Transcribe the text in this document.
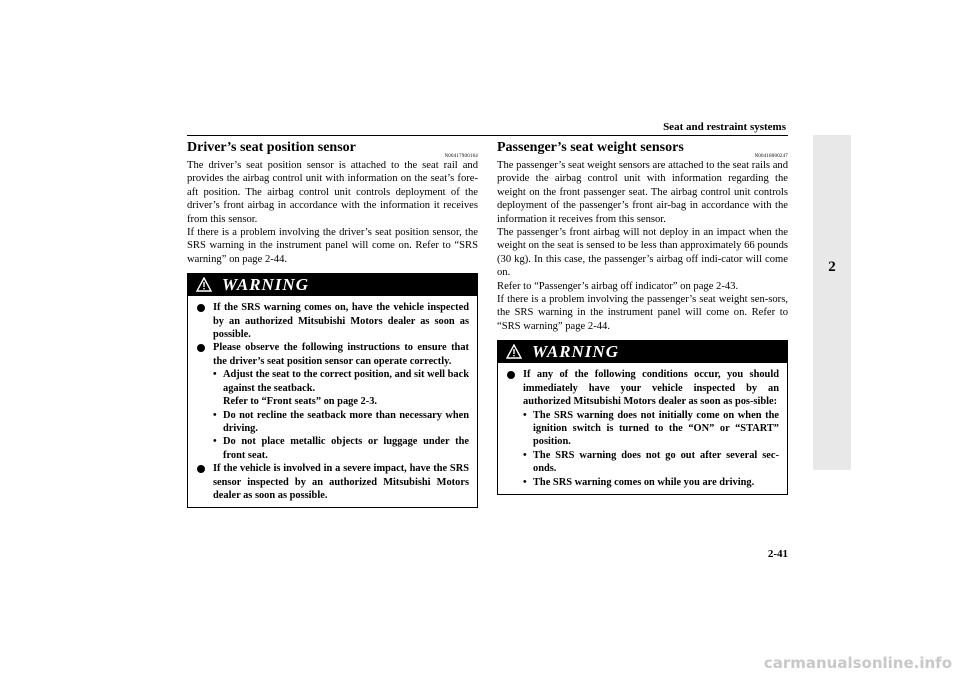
Seat and restraint systems
2
Driver’s seat position sensor
N00417900164

The driver’s seat position sensor is attached to the seat rail and provides the airbag control unit with information on the seat’s fore-aft position. The airbag control unit controls deployment of the driver’s front airbag in accordance with the information it receives from this sensor.

If there is a problem involving the driver’s seat position sensor, the SRS warning in the instrument panel will come on. Refer to “SRS warning” on page 2-44.

WARNING
If the SRS warning comes on, have the vehicle inspected by an authorized Mitsubishi Motors dealer as soon as possible.
Please observe the following instructions to ensure that the driver’s seat position sensor can operate correctly.
• Adjust the seat to the correct position, and sit well back against the seatback.
Refer to “Front seats” on page 2-3.
• Do not recline the seatback more than necessary when driving.
• Do not place metallic objects or luggage under the front seat.
If the vehicle is involved in a severe impact, have the SRS sensor inspected by an authorized Mitsubishi Motors dealer as soon as possible.
Passenger’s seat weight sensors
N00418000247

The passenger’s seat weight sensors are attached to the seat rails and provide the airbag control unit with information regarding the weight on the front passenger seat. The airbag control unit controls deployment of the passenger’s front air-bag in accordance with the information it receives from this sensor.

The passenger’s front airbag will not deploy in an impact when the weight on the seat is sensed to be less than approximately 66 pounds (30 kg). In this case, the passenger’s airbag off indi-cator will come on.

Refer to “Passenger’s airbag off indicator” on page 2-43.

If there is a problem involving the passenger’s seat weight sen-sors, the SRS warning in the instrument panel will come on. Refer to “SRS warning” page 2-44.

WARNING
If any of the following conditions occur, you should immediately have your vehicle inspected by an authorized Mitsubishi Motors dealer as soon as pos-sible:
• The SRS warning does not initially come on when the ignition switch is turned to the “ON” or “START” position.
• The SRS warning does not go out after several sec-onds.
• The SRS warning comes on while you are driving.
2-41
carmanualsonline.info
